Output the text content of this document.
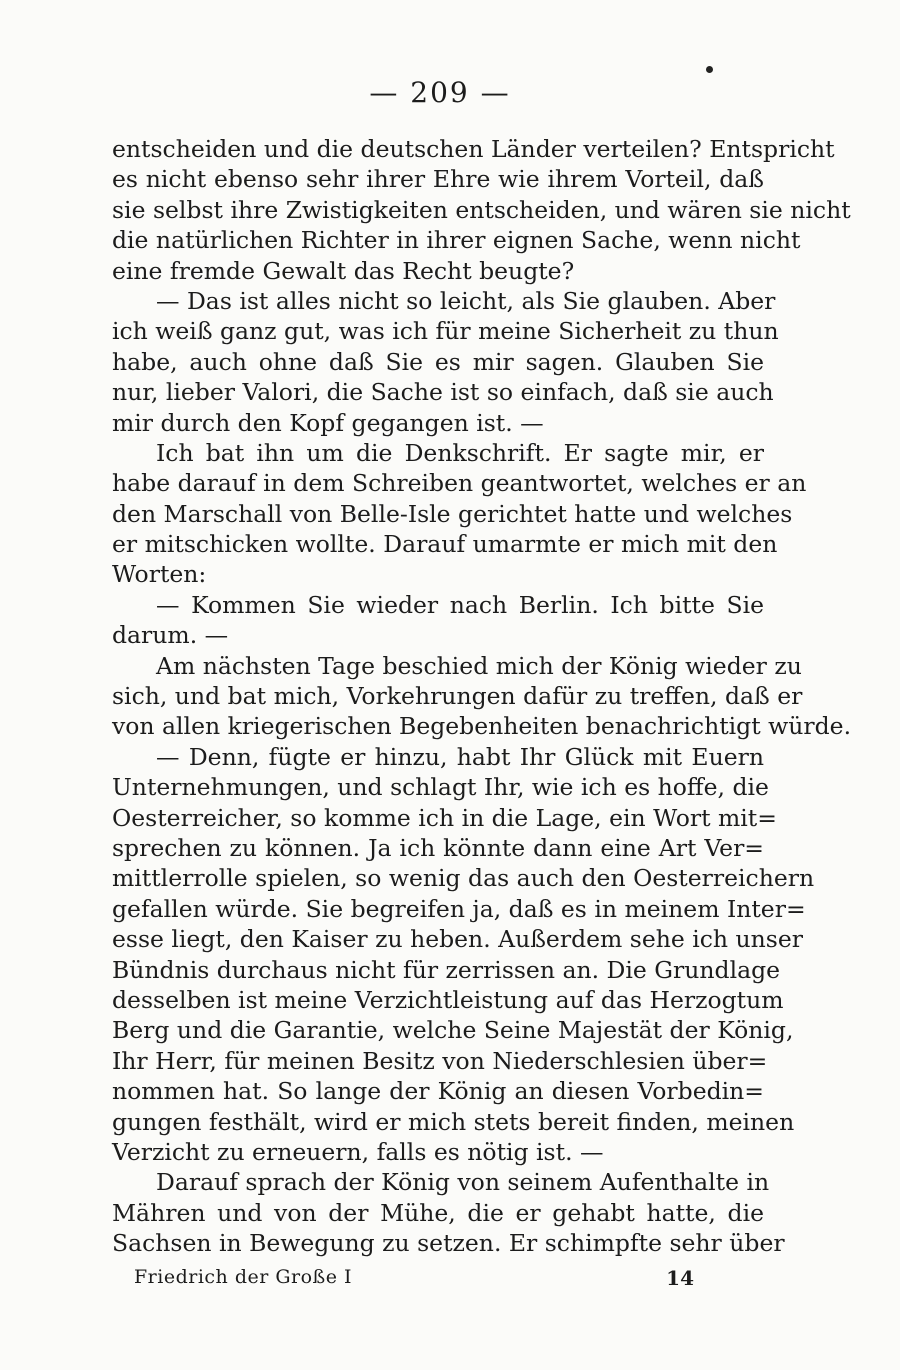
— 209 —
entscheiden und die deutschen Länder verteilen? Entspricht
es nicht ebenso sehr ihrer Ehre wie ihrem Vorteil, daß
sie selbst ihre Zwistigkeiten entscheiden, und wären sie nicht
die natürlichen Richter in ihrer eignen Sache, wenn nicht
eine fremde Gewalt das Recht beugte?
— Das ist alles nicht so leicht, als Sie glauben. Aber
ich weiß ganz gut, was ich für meine Sicherheit zu thun
habe, auch ohne daß Sie es mir sagen. Glauben Sie
nur, lieber Valori, die Sache ist so einfach, daß sie auch
mir durch den Kopf gegangen ist. —
Ich bat ihn um die Denkschrift. Er sagte mir, er
habe darauf in dem Schreiben geantwortet, welches er an
den Marschall von Belle-Isle gerichtet hatte und welches
er mitschicken wollte. Darauf umarmte er mich mit den
Worten:
— Kommen Sie wieder nach Berlin. Ich bitte Sie
darum. —
Am nächsten Tage beschied mich der König wieder zu
sich, und bat mich, Vorkehrungen dafür zu treffen, daß er
von allen kriegerischen Begebenheiten benachrichtigt würde.
— Denn, fügte er hinzu, habt Ihr Glück mit Euern
Unternehmungen, und schlagt Ihr, wie ich es hoffe, die
Oesterreicher, so komme ich in die Lage, ein Wort mit=
sprechen zu können. Ja ich könnte dann eine Art Ver=
mittlerrolle spielen, so wenig das auch den Oesterreichern
gefallen würde. Sie begreifen ja, daß es in meinem Inter=
esse liegt, den Kaiser zu heben. Außerdem sehe ich unser
Bündnis durchaus nicht für zerrissen an. Die Grundlage
desselben ist meine Verzichtleistung auf das Herzogtum
Berg und die Garantie, welche Seine Majestät der König,
Ihr Herr, für meinen Besitz von Niederschlesien über=
nommen hat. So lange der König an diesen Vorbedin=
gungen festhält, wird er mich stets bereit finden, meinen
Verzicht zu erneuern, falls es nötig ist. —
Darauf sprach der König von seinem Aufenthalte in
Mähren und von der Mühe, die er gehabt hatte, die
Sachsen in Bewegung zu setzen. Er schimpfte sehr über
Friedrich der Große I	14
